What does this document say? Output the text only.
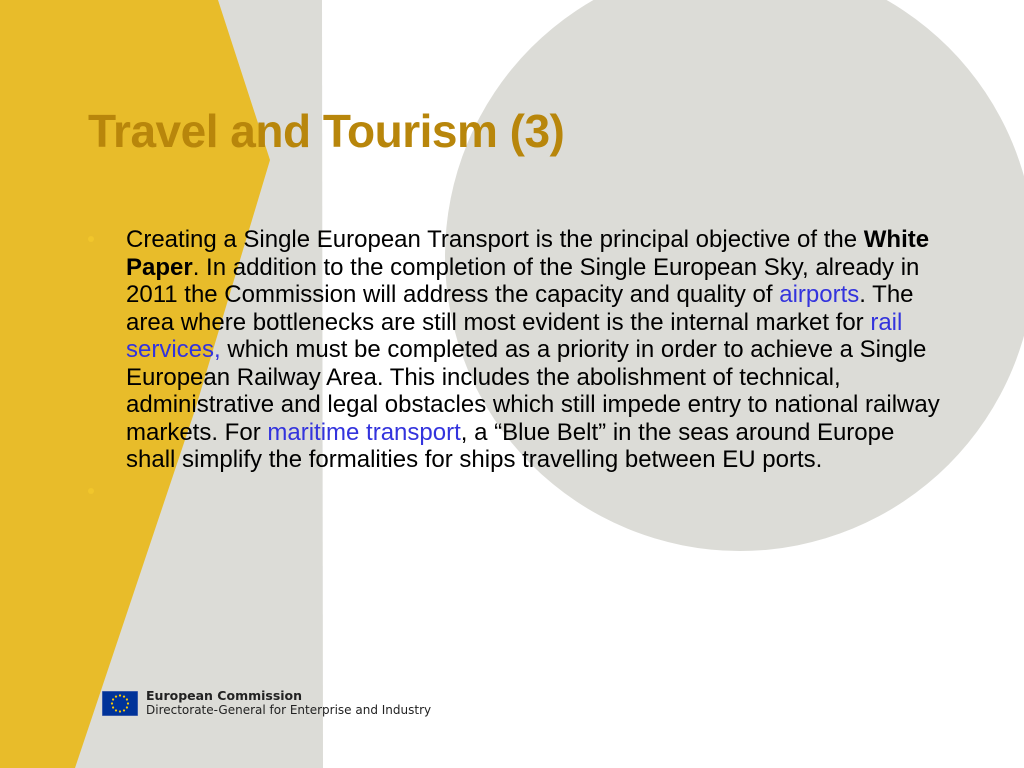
Travel and Tourism (3)

Creating a Single European Transport is the principal objective of the White Paper. In addition to the completion of the Single European Sky, already in 2011 the Commission will address the capacity and quality of airports. The area where bottlenecks are still most evident is the internal market for rail services, which must be completed as a priority in order to achieve a Single European Railway Area. This includes the abolishment of technical, administrative and legal obstacles which still impede entry to national railway markets. For maritime transport, a “Blue Belt” in the seas around Europe shall simplify the formalities for ships travelling between EU ports.

European Commission
Directorate-General for Enterprise and Industry
